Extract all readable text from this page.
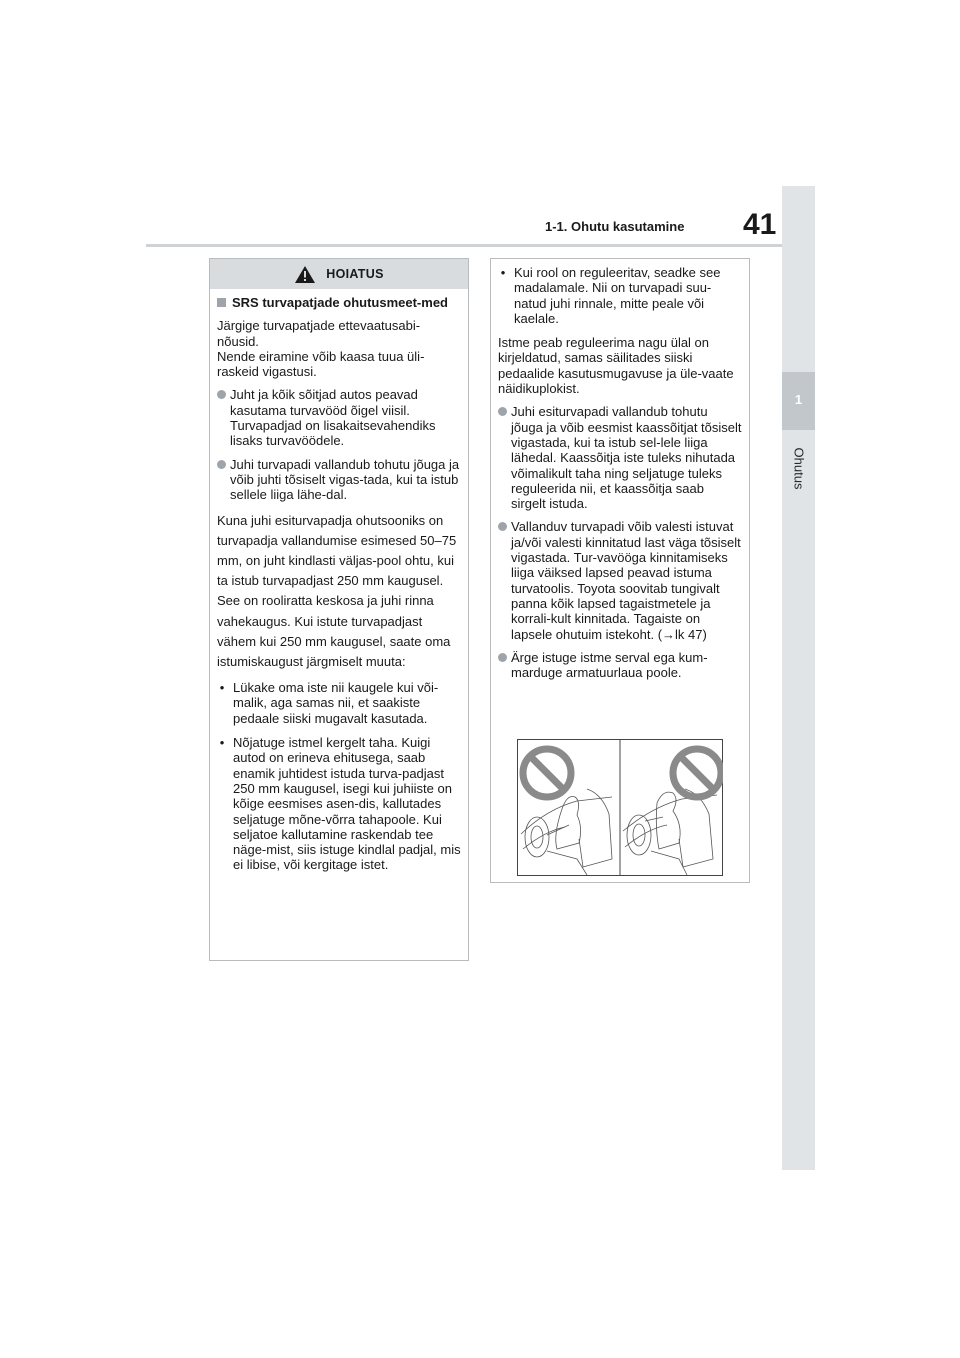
1
Ohutus
1-1. Ohutu kasutamine 41
HOIATUS
SRS turvapatjade ohutusmeet-med

Järgige turvapatjade ettevaatusabi-nõusid.
Nende eiramine võib kaasa tuua üli-raskeid vigastusi.

Juht ja kõik sõitjad autos peavad kasutama turvavööd õigel viisil. Turvapadjad on lisakaitsevahendiks lisaks turvavöödele.
Juhi turvapadi vallandub tohutu jõuga ja võib juhti tõsiselt vigas-tada, kui ta istub sellele liiga lähe-dal.

Kuna juhi esiturvapadja ohutsooniks on turvapadja vallandumise esimesed 50–75 mm, on juht kindlasti väljas-pool ohtu, kui ta istub turvapadjast 250 mm kaugusel. See on rooliratta keskosa ja juhi rinna vahekaugus. Kui istute turvapadjast vähem kui 250 mm kaugusel, saate oma istumiskaugust järgmiselt muuta:

• Lükake oma iste nii kaugele kui või-malik, aga samas nii, et saakiste pedaale siiski mugavalt kasutada.
• Nõjatuge istmel kergelt taha. Kuigi autod on erineva ehitusega, saab enamik juhtidest istuda turva-padjast 250 mm kaugusel, isegi kui juhiiste on kõige eesmises asen-dis, kallutades seljatuge mõne-võrra tahapoole. Kui seljatoe kallutamine raskendab tee näge-mist, siis istuge kindlal padjal, mis ei libise, või kergitage istet.
• Kui rool on reguleeritav, seadke see madalamale. Nii on turvapadi suu-natud juhi rinnale, mitte peale või kaelale.

Istme peab reguleerima nagu ülal on kirjeldatud, samas säilitades siiski pedaalide kasutusmugavuse ja üle-vaate näidikuplokist.

Juhi esiturvapadi vallandub tohutu jõuga ja võib eesmist kaassõitjat tõsiselt vigastada, kui ta istub sel-lele liiga lähedal. Kaassõitja iste tuleks nihutada võimalikult taha ning seljatuge tuleks reguleerida nii, et kaassõitja saab sirgelt istuda.
Vallanduv turvapadi võib valesti istuvat ja/või valesti kinnitatud last väga tõsiselt vigastada. Tur-vavööga kinnitamiseks liiga väiksed lapsed peavad istuma turvatoolis. Toyota soovitab tungivalt panna kõik lapsed tagaistmetele ja korrali-kult kinnitada. Tagaiste on lapsele ohutuim istekoht. (→lk 47)
Ärge istuge istme serval ega kum-marduge armatuurlaua poole.
